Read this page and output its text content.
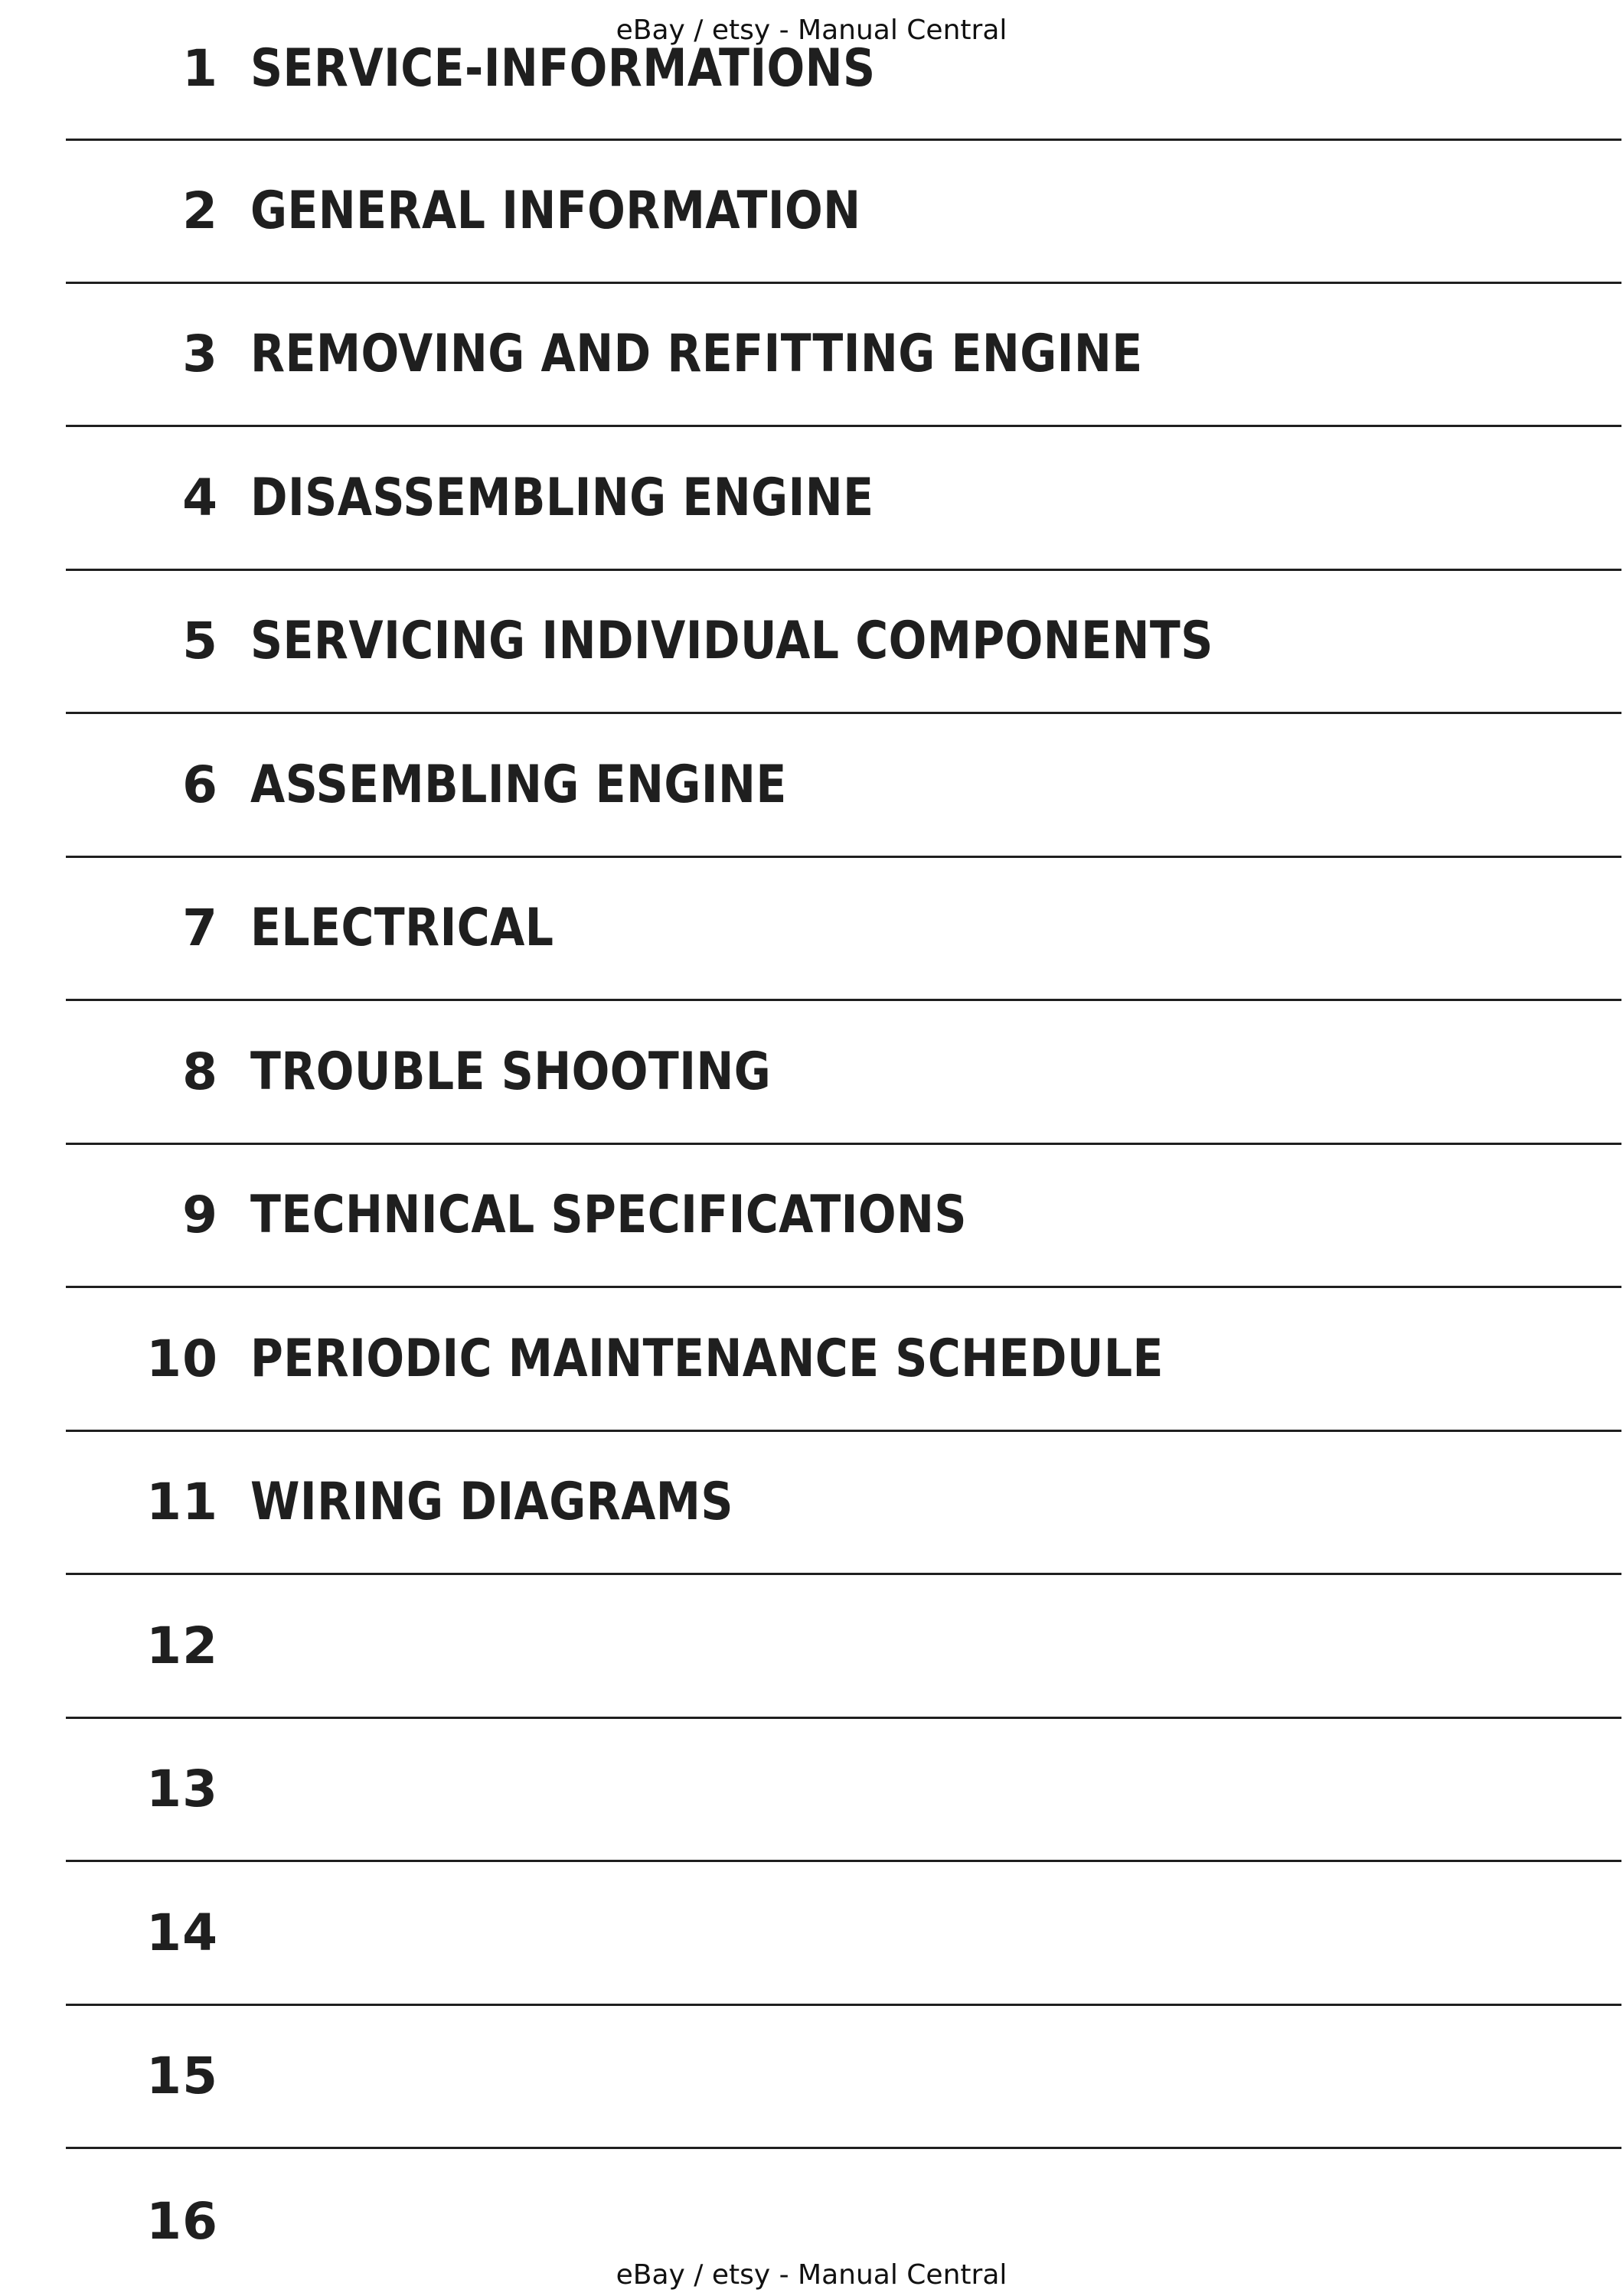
eBay / etsy - Manual Central
1 SERVICE-INFORMATIONS
2 GENERAL INFORMATION
3 REMOVING AND REFITTING ENGINE
4 DISASSEMBLING ENGINE
5 SERVICING INDIVIDUAL COMPONENTS
6 ASSEMBLING ENGINE
7 ELECTRICAL
8 TROUBLE SHOOTING
9 TECHNICAL SPECIFICATIONS
10 PERIODIC MAINTENANCE SCHEDULE
11 WIRING DIAGRAMS
12
13
14
15
16
eBay / etsy - Manual Central
